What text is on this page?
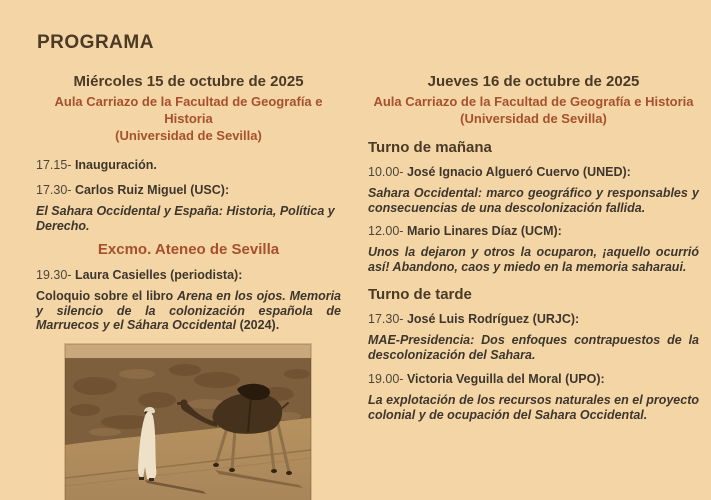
PROGRAMA
Miércoles 15 de octubre de 2025

Aula Carriazo de la Facultad de Geografía e Historia

(Universidad de Sevilla)

17.15- Inauguración.

17.30- Carlos Ruiz Miguel (USC):

El Sahara Occidental y España: Historia, Política y Derecho.

Excmo. Ateneo de Sevilla

19.30- Laura Casielles (periodista):

Coloquio sobre el libro Arena en los ojos. Memoria y silencio de la colonización española de Marruecos y el Sáhara Occidental (2024).

Jueves 16 de octubre de 2025

Aula Carriazo de la Facultad de Geografía e Historia

(Universidad de Sevilla)

Turno de mañana

10.00- José Ignacio Algueró Cuervo (UNED):

Sahara Occidental: marco geográfico y responsables y consecuencias de una descolonización fallida.

12.00- Mario Linares Díaz (UCM):

Unos la dejaron y otros la ocuparon, ¡aquello ocurrió así! Abandono, caos y miedo en la memoria saharaui.

Turno de tarde

17.30- José Luis Rodríguez (URJC):

MAE-Presidencia: Dos enfoques contrapuestos de la descolonización del Sahara.

19.00- Victoria Veguilla del Moral (UPO):

La explotación de los recursos naturales en el proyecto colonial y de ocupación del Sahara Occidental.
